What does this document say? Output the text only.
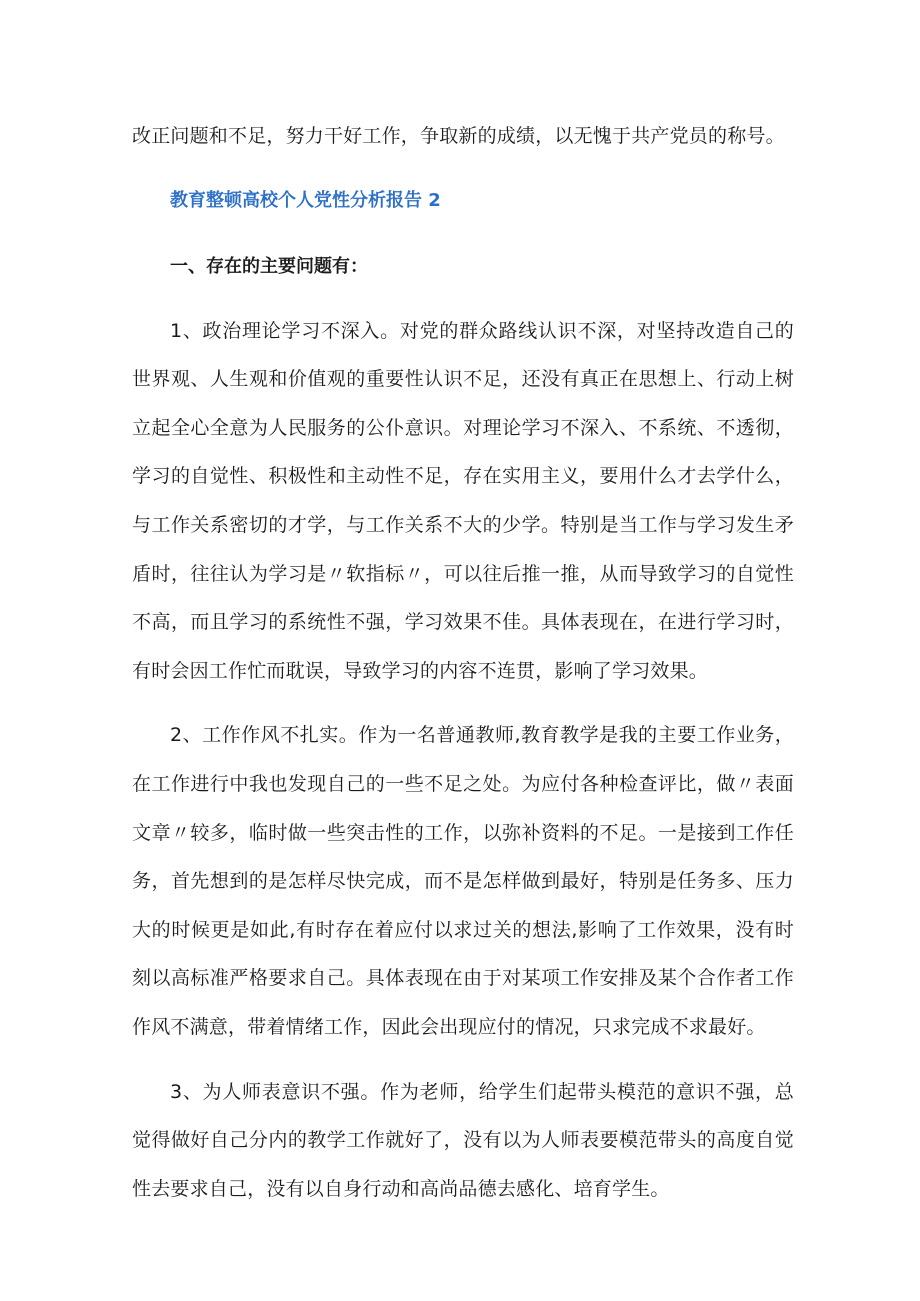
改正问题和不足，努力干好工作，争取新的成绩，以无愧于共产党员的称号。

教育整顿高校个人党性分析报告 2
一、存在的主要问题有：

1、政治理论学习不深入。对党的群众路线认识不深，对坚持改造自己的世界观、人生观和价值观的重要性认识不足，还没有真正在思想上、行动上树立起全心全意为人民服务的公仆意识。对理论学习不深入、不系统、不透彻，学习的自觉性、积极性和主动性不足，存在实用主义，要用什么才去学什么，与工作关系密切的才学，与工作关系不大的少学。特别是当工作与学习发生矛盾时，往往认为学习是〃软指标〃，可以往后推一推，从而导致学习的自觉性不高，而且学习的系统性不强，学习效果不佳。具体表现在，在进行学习时，有时会因工作忙而耽误，导致学习的内容不连贯，影响了学习效果。

2、工作作风不扎实。作为一名普通教师,教育教学是我的主要工作业务，在工作进行中我也发现自己的一些不足之处。为应付各种检查评比，做〃表面文章〃较多，临时做一些突击性的工作，以弥补资料的不足。一是接到工作任务，首先想到的是怎样尽快完成，而不是怎样做到最好，特别是任务多、压力大的时候更是如此,有时存在着应付以求过关的想法,影响了工作效果，没有时刻以高标准严格要求自己。具体表现在由于对某项工作安排及某个合作者工作作风不满意，带着情绪工作，因此会出现应付的情况，只求完成不求最好。

3、为人师表意识不强。作为老师，给学生们起带头模范的意识不强，总觉得做好自己分内的教学工作就好了，没有以为人师表要模范带头的高度自觉性去要求自己，没有以自身行动和高尚品德去感化、培育学生。
